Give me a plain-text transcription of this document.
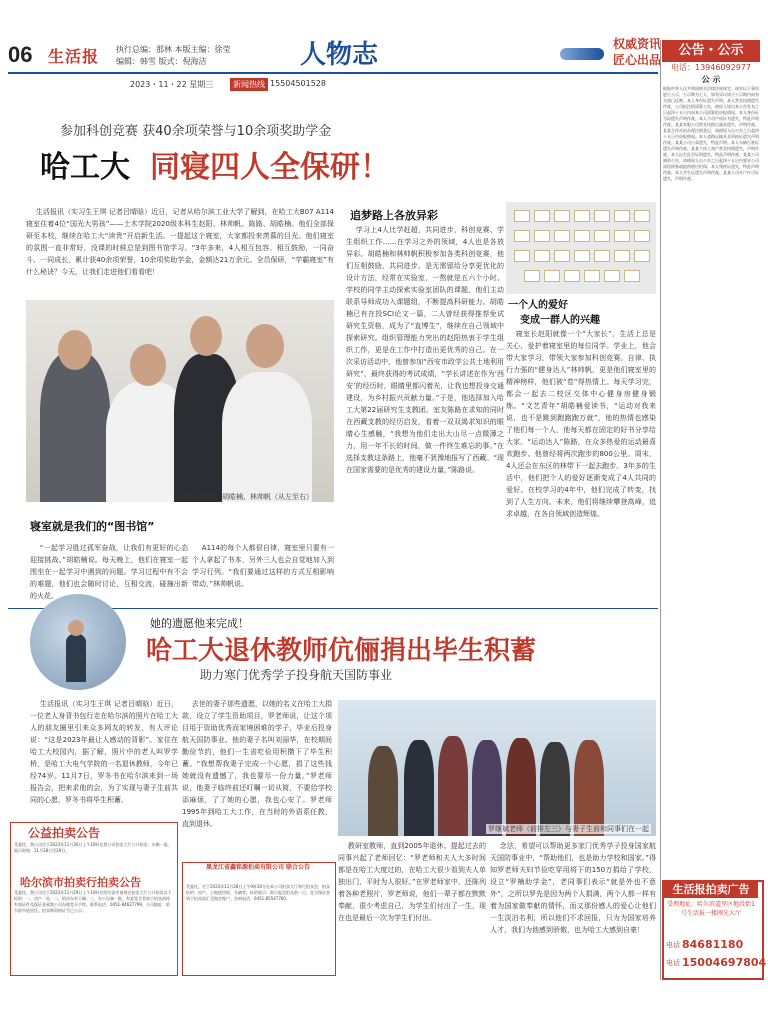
06 生活报 执行总编：那林 本版主编：徐莹
编辑：韩雪 版式：倪海洁	人物志	权威资讯
匠心出品
2023・11・22 星期三	新闻热线 15504501528
参加科创竞赛 获40余项荣誉与10余项奖助学金
哈工大 同寝四人全保研！

生活报讯（实习生王琪 记者吕晴晗）近日，记者从哈尔滨工业大学了解到，在哈工大B07 A114寝室住着4位“国光大男孩”——土木学院2020级本科生赵阳、林帅帆、陈路、胡皓楠。他们全部保研至本校，继续在哈工大“读贵”开启新生活。一提起这个寝室，大家都投来羡慕的目光。他们寝室的氛围一直非常好，没课的时候总是到图书馆学习。“3年多来，4人相互包容、相互鼓励，一同奋斗、一同成长，累计获40余项荣誉，10余项奖助学金，金额达21万余元。全员保研，“学霸寝室”有什么秘诀？今天，让我们走进他们看看吧！

陈路、赵阳、胡皓楠、林帅帆（从左至右）
寝室就是我们的“图书馆”

“一起学习胜过孤军奋战，让我们有更好的心态迎接挑战。”胡皓楠说。每天晚上，他们在寝室一起围坐在一起学习中遇到的问题。学习过程中有不会的难题，他们也会随时讨论，互相交流，碰撞出新的火花。

A114的每个人都很自律，寝室里只要有一个人拿起了书本，另外三人也会自觉地加入到学习行列。“我们要通过这样的方式互相影响带动，”林帅帆说。

追梦路上各放异彩

学习上4人比学赶超，共同进步，科创竞赛、学生组织工作……在学习之外的领域，4人也是各放异彩。胡皓楠和林帅帆积极参加各类科创竞赛，他们互相鼓励，共同进步。是无需留给分享更优化的设计方法，经常在实验室，一熬就是五六个小时。学校的同学主动探索实验室团队的课题，他们主动联系导师成功入课题组，不断提高科研能力。胡皓楠已有在投SCI论文一篇，二人曾经获得推荐免试研究生资格，成为了“直博生”，继续在自己领域中探索研究。组织管理能力突出的赵阳热衷于学生组织工作，更是在工作中打造出更优秀的自己。在一次采访活动中，他曾参加“西安市政学公共土地利用研究”，最终获得的考试成绩，“学长讲述在作为‘西安’的经历时，眼睛里都闪着光，让我也想投身交通建设，为乡村振兴贡献力量。”于是，他选择加入哈工大第22届研究生支教团。室友陈路在求知的同时在西藏支教的经历启发，看着一双双渴求知识的眼睛心生感触，“我想为他们走出大山尽一点微薄之力，用一年不长的时间，做一件终生难忘的事。”在选择支教这条路上，他毫不犹豫地报写了西藏。“现在国家需要的是优秀的建设力量，”陈路说。

一个人的爱好
变成一群人的兴趣

寝室长赵阳就像一个“大家长”，生活上总是关心、爱护着寝室里的每位同学。学业上，他会带大家学习，带领大家参加科创竞赛。自律、执行力强的“健身达人”林帅帆，更是他们寝室里的精神榜样，他们被“卷”得热情上。每天学习完，都会一起去二校区交体中心健身房健身锻炼。“文艺青年”胡皓楠爱读书，“运动对我来说，也不是跳到跑跑跑万就”，他的热情也感染了他们每一个人，他每天都在固定的好书分享给大家。“运动达人”陈路，在众多热爱的运动最喜欢跑步。他曾经将两次跑步的800公里。周末，4人还会在东区的林带下一起去跑步。3年多的生活中，他们把个人的爱好逐渐变成了4人共同的爱好。在校学习的4年中，他们完成了转变，找到了人生方向。未来，他们将继续攀登高峰，追求卓越，在各自领域创造辉煌。

她的遗愿他来完成！
哈工大退休教师伉俪捐出毕生积蓄
助力寒门优秀学子投身航天国防事业

生活报讯（实习生王琪 记者吕晴晗）近日，一位老人身背书包行走在哈尔滨的照片在哈工大人的朋友圈里引来众多网友的转发，有人评论说：“这是2023年最让人感动的背影”。家住在哈工大校园内，据了解，照片中的老人叫罗学桥，是哈工大电气学院的一名退休教师，今年已经74岁。11月7日，罗冬书在哈尔滨来到一场报告会，把来求他的会，为了实现与妻子生前共同的心愿，罗冬书将毕生积蓄。

去世的妻子那些遗愿，以她的名义在哈工大捐款，设立了学生资助项目，罗老师说，让这个项目用于资助优秀而家境困难的学子，毕业后投身航天国防事业。他的妻子名叫刘丽华，在校期间勤俭节约，他们一生省吃俭用积攒下了毕生积蓄。“我想帮我妻子完成一个心愿，捐了这些钱她就没有遗憾了，我也要尽一份力量。”罗老师说，他妻子临终前还叮嘱一切从简，不要给学校添麻烦，了了她的心愿，我也心安了。罗老师1995年到哈工大工作，在当时的外语系任教，直到退休。

罗继斌老师（前排左三）与妻子生前和同事们在一起

教研室教师，直到2005年退休。提起过去的同事兴起了老师回忆：“罗老师和夫人大多时间都是在哈工大度过的，在哈工大很少看到夫人单独出门，平时为人很好。”在罗老师家中，还陈列着各种老照片，罗老师说，他们一辈子都在默默奉献，很少考虑自己，为学生们付出了一生，现在也是最后一次为学生们付出。

念法，希望可以帮助更多家门优秀学子投身国家航天国防事业中，“帮助他们，也是助力学校和国家。”得知罗老师夫妇节俭吃穿用将下的150万捐给了学校，设立“罗楠助学金”，老同事们表示“就是外也不意外”，之所以罗先是因为两个人捐满，两个人都一样有着为国家做奉献的情怀，而又那份感人的爱心让他们一生淡泊名利，所以他们不求回报，只为为国家培养人才，我们为他感到骄傲，也为哈工大感到自豪！

公益拍卖公告
受委托，我公司定于2023年11月30日上午10时在我公司拍卖大厅公开拍卖：车辆一批。展示时间：11月28日至29日。
哈尔滨市拍卖行拍卖公告
受委托，我公司定于2023年11月29日上午10时在哈尔滨市南岗区拍卖大厅公开拍卖以下标的：一、房产一处；二、机动车若干辆；三、办公设备一批。有意竞买者请于拍卖前持有效证件及保证金到我公司办理竞买手续。联系电话：0451-84627799。公司地址：哈尔滨市道里区。拍卖师资格证号已公示。
黑龙江省鑫铭源拍卖有限公司 联合公告
受委托，定于2023年11月28日上午9时30分在本公司拍卖大厅举行拍卖会，拍卖标的：房产、土地使用权、车辆等。标的展示：即日起至拍卖前一日。竞买保证金请于拍卖前汇至指定账户。咨询电话：0451-85547760。
公告・公示
电话：13946092977
公 示
根据中华人民共和国相关法律法规规定，现对以下事项进行公示，公示期为七天。如有异议请于公示期内向有关部门反映。本人身份证遗失声明，本人营业执照遗失作废，公司拟注销清算公告，债权人请自本公告发布之日起四十五日内向本公司清算组申报债权。本人身份证号码遗失声明作废。本人不动产权证书遗失，特此声明作废。某某有限公司营业执照正副本遗失，声明作废。某某合作社拟办理注销登记，请债权人自公告之日起四十五日内申报债权。本人道路运输从业资格证遗失声明作废。某某公司公章遗失，特此声明。本人车辆行驶证遗失声明作废。某某个体工商户营业执照遗失，声明作废。本人出生医学证明遗失，特此声明作废。某某公司减资公告，请债权人自公告之日起四十五日内要求公司清偿债务或提供相应担保。本人残疾证遗失，特此声明作废。本人学生证遗失声明作废。某某公司开户许可证遗失，声明作废。
生活报拍卖广告
受理地址：哈尔滨道里区地段街1号生活报一楼刚光大厅
电话 84681180
电话 15004697804
